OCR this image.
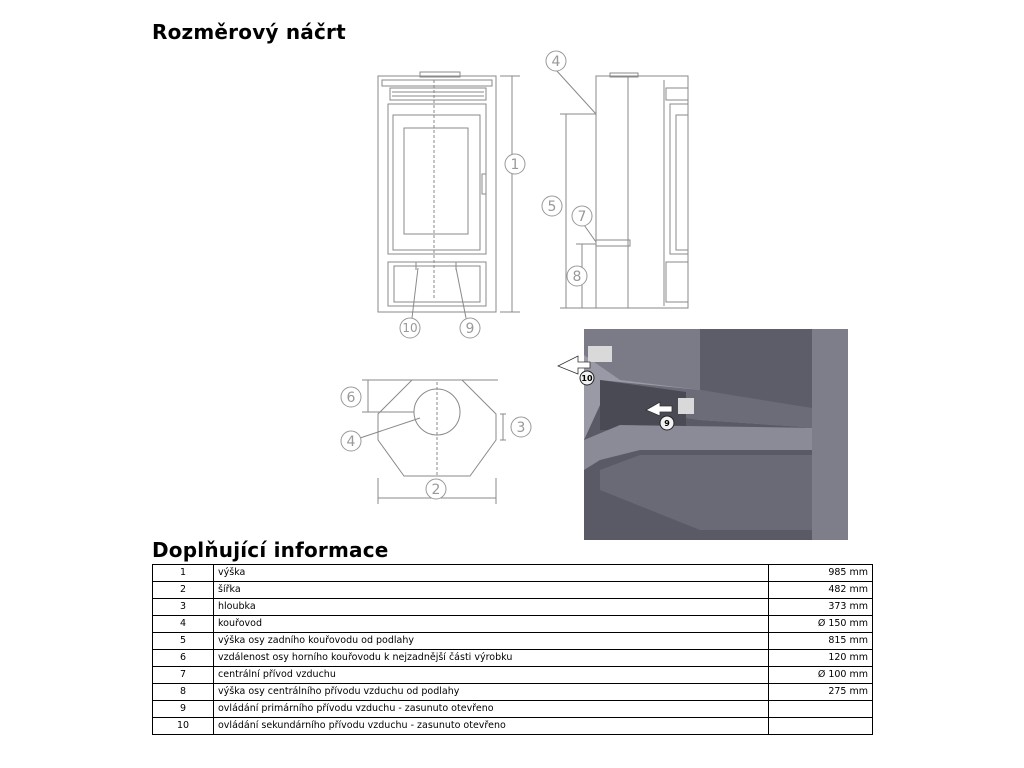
Rozměrový náčrt
1
10	9
4
5
7
8
6
4
3
2
10
9
Doplňující informace
1	výška	985 mm
2	šířka	482 mm
3	hloubka	373 mm
4	kouřovod	Ø 150 mm
5	výška osy zadního kouřovodu od podlahy	815 mm
6	vzdálenost osy horního kouřovodu k nejzadnější části výrobku	120 mm
7	centrální přívod vzduchu	Ø 100 mm
8	výška osy centrálního přívodu vzduchu od podlahy	275 mm
9	ovládání primárního přívodu vzduchu - zasunuto otevřeno	
10	ovládání sekundárního přívodu vzduchu - zasunuto otevřeno	
